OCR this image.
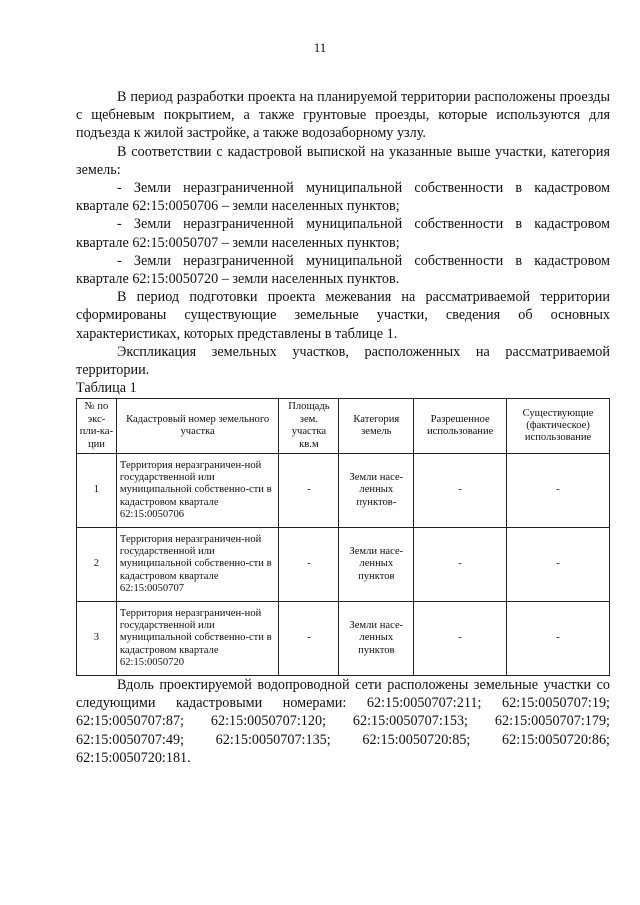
11

В период разработки проекта на планируемой территории расположены проезды с щебневым покрытием, а также грунтовые проезды, которые используются для подъезда к жилой застройке, а также водозаборному узлу.

В соответствии с кадастровой выпиской на указанные выше участки, категория земель:

- Земли неразграниченной муниципальной собственности в кадастровом квартале 62:15:0050706 – земли населенных пунктов;

- Земли неразграниченной муниципальной собственности в кадастровом квартале 62:15:0050707 – земли населенных пунктов;

- Земли неразграниченной муниципальной собственности в кадастровом квартале 62:15:0050720 – земли населенных пунктов.

В период подготовки проекта межевания на рассматриваемой территории сформированы существующие земельные участки, сведения об основных характеристиках, которых представлены в таблице 1.

Экспликация земельных участков, расположенных на рассматриваемой территории.

Таблица 1

№ по экс-пли-ка-ции	Кадастровый номер земельного участка	Площадь зем. участка кв.м	Категория земель	Разрешенное использование	Существующие (фактическое) использование
1	Территория неразграничен-ной государственной или муниципальной собственно-сти в кадастровом квартале 62:15:0050706	-	Земли насе-ленных пунктов-	-	-
2	Территория неразграничен-ной государственной или муниципальной собственно-сти в кадастровом квартале 62:15:0050707	-	Земли насе-ленных пунктов	-	-
3	Территория неразграничен-ной государственной или муниципальной собственно-сти в кадастровом квартале 62:15:0050720	-	Земли насе-ленных пунктов	-	-

Вдоль проектируемой водопроводной сети расположены земельные участки со следующими кадастровыми номерами: 62:15:0050707:211; 62:15:0050707:19; 62:15:0050707:87; 62:15:0050707:120; 62:15:0050707:153; 62:15:0050707:179; 62:15:0050707:49; 62:15:0050707:135; 62:15:0050720:85; 62:15:0050720:86; 62:15:0050720:181.
